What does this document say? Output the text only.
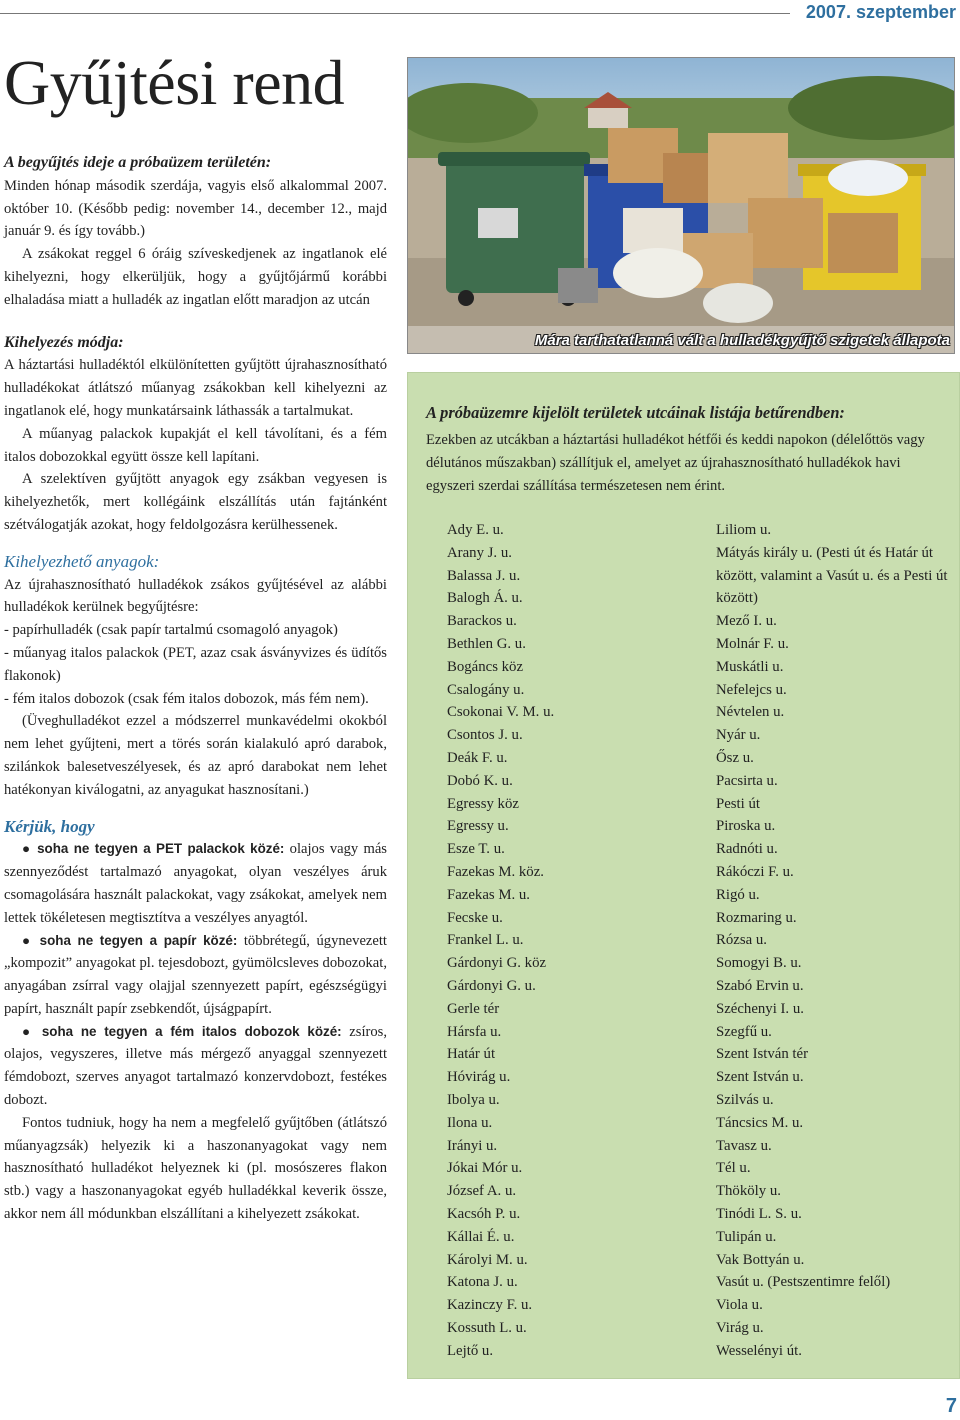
2007. szeptember
Gyűjtési rend

A begyűjtés ideje a próbaüzem területén:

Minden hónap második szerdája, vagyis első alkalommal 2007. október 10. (Később pedig: november 14., december 12., majd január 9. és így tovább.)

A zsákokat reggel 6 óráig szíveskedjenek az ingatlanok elé kihelyezni, hogy elkerüljük, hogy a gyűjtőjármű korábbi elhaladása miatt a hulladék az ingatlan előtt maradjon az utcán

Kihelyezés módja:

A háztartási hulladéktól elkülönítetten gyűjtött újrahasznosítható hulladékokat átlátszó műanyag zsákokban kell kihelyezni az ingatlanok elé, hogy munkatársaink láthassák a tartalmukat.

A műanyag palackok kupakját el kell távolítani, és a fém italos dobozokkal együtt össze kell lapítani.

A szelektíven gyűjtött anyagok egy zsákban vegyesen is kihelyezhetők, mert kollégáink elszállítás után fajtánként szétválogatják azokat, hogy feldolgozásra kerülhessenek.

Kihelyezhető anyagok:

Az újrahasznosítható hulladékok zsákos gyűjtésével az alábbi hulladékok kerülnek begyűjtésre:

- papírhulladék (csak papír tartalmú csomagoló anyagok)

- műanyag italos palackok (PET, azaz csak ásványvizes és üdítős flakonok)

- fém italos dobozok (csak fém italos dobozok, más fém nem).

(Üveghulladékot ezzel a módszerrel munkavédelmi okokból nem lehet gyűjteni, mert a törés során kialakuló apró darabok, szilánkok balesetveszélyesek, és az apró darabokat nem lehet hatékonyan kiválogatni, az anyagukat hasznosítani.)

Kérjük, hogy

● soha ne tegyen a PET palackok közé: olajos vagy más szennyeződést tartalmazó anyagokat, olyan veszélyes áruk csomagolására használt palackokat, vagy zsákokat, amelyek nem lettek tökéletesen megtisztítva a veszélyes anyagtól.

● soha ne tegyen a papír közé: többrétegű, úgynevezett „kompozit” anyagokat pl. tejesdobozt, gyümölcsleves dobozokat, anyagában zsírral vagy olajjal szennyezett papírt, egészségügyi papírt, használt papír zsebkendőt, újságpapírt.

● soha ne tegyen a fém italos dobozok közé: zsíros, olajos, vegyszeres, illetve más mérgező anyaggal szennyezett fémdobozt, szerves anyagot tartalmazó konzervdobozt, festékes dobozt.

Fontos tudniuk, hogy ha nem a megfelelő gyűjtőben (átlátszó műanyagzsák) helyezik ki a haszonanyagokat vagy nem hasznosítható hulladékot helyeznek ki (pl. mosószeres flakon stb.) vagy a haszonanyagokat egyéb hulladékkal keverik össze, akkor nem áll módunkban elszállítani a kihelyezett zsákokat.

Mára tarthatatlanná vált a hulladékgyűjtő szigetek állapota
A próbaüzemre kijelölt területek utcáinak listája betűrendben:

Ezekben az utcákban a háztartási hulladékot hétfői és keddi napokon (délelőttös vagy délutános műszakban) szállítjuk el, amelyet az újrahasznosítható hulladékok havi egyszeri szerdai szállítása természetesen nem érint.

Ady E. u.
Arany J. u.
Balassa J. u.
Balogh Á. u.
Barackos u.
Bethlen G. u.
Bogáncs köz
Csalogány u.
Csokonai V. M. u.
Csontos J. u.
Deák F. u.
Dobó K. u.
Egressy köz
Egressy u.
Esze T. u.
Fazekas M. köz.
Fazekas M. u.
Fecske u.
Frankel L. u.
Gárdonyi G. köz
Gárdonyi G. u.
Gerle tér
Hársfa u.
Határ út
Hóvirág u.
Ibolya u.
Ilona u.
Irányi u.
Jókai Mór u.
József A. u.
Kacsóh P. u.
Kállai É. u.
Károlyi M. u.
Katona J. u.
Kazinczy F. u.
Kossuth L. u.
Lejtő u.
Liliom u.
Mátyás király u. (Pesti út és Határ út között, valamint a Vasút u. és a Pesti út között)
Mező I. u.
Molnár F. u.
Muskátli u.
Nefelejcs u.
Névtelen u.
Nyár u.
Ősz u.
Pacsirta u.
Pesti út
Piroska u.
Radnóti u.
Rákóczi F. u.
Rigó u.
Rozmaring u.
Rózsa u.
Somogyi B. u.
Szabó Ervin u.
Széchenyi I. u.
Szegfű u.
Szent István tér
Szent István u.
Szilvás u.
Táncsics M. u.
Tavasz u.
Tél u.
Thököly u.
Tinódi L. S. u.
Tulipán u.
Vak Bottyán u.
Vasút u. (Pestszentimre felől)
Viola u.
Virág u.
Wesselényi út.
7
